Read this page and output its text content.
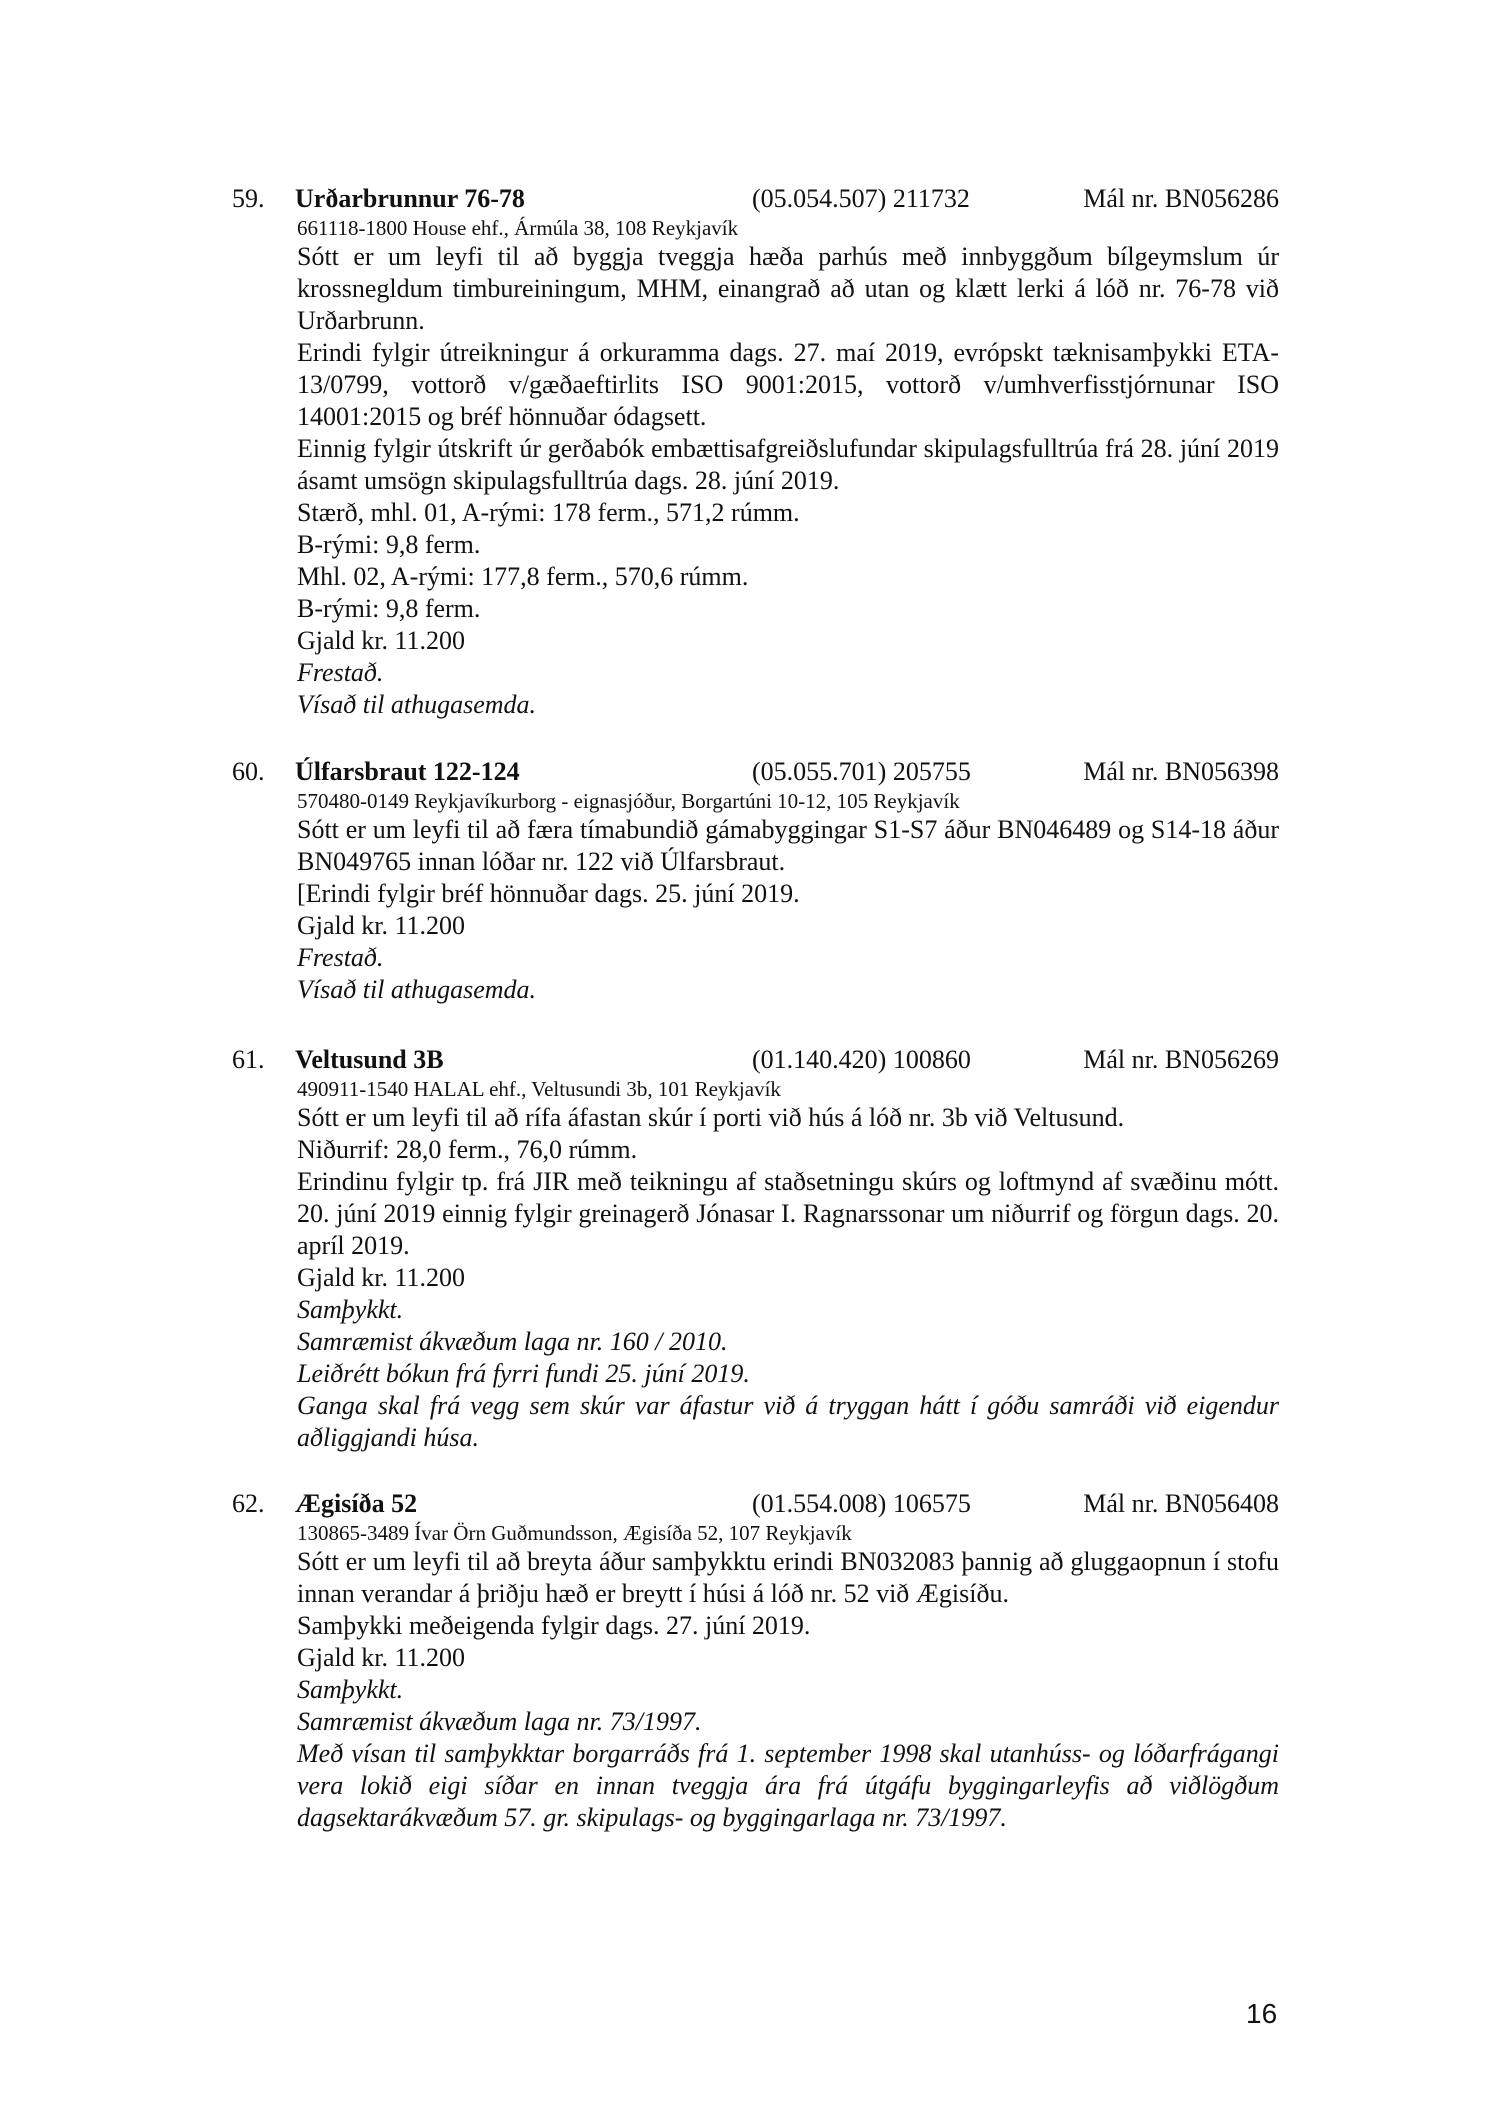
59. Urðarbrunnur 76-78	(05.054.507) 211732	Mál nr. BN056286
661118-1800 House ehf., Ármúla 38, 108 Reykjavík

Sótt er um leyfi til að byggja tveggja hæða parhús með innbyggðum bílgeymslum úr krossnegldum timbureiningum, MHM, einangrað að utan og klætt lerki á lóð nr. 76-78 við Urðarbrunn.

Erindi fylgir útreikningur á orkuramma dags. 27. maí 2019, evrópskt tæknisamþykki ETA-13/0799, vottorð v/gæðaeftirlits ISO 9001:2015, vottorð v/umhverfisstjórnunar ISO 14001:2015 og bréf hönnuðar ódagsett.

Einnig fylgir útskrift úr gerðabók embættisafgreiðslufundar skipulagsfulltrúa frá 28. júní 2019 ásamt umsögn skipulagsfulltrúa dags. 28. júní 2019.

Stærð, mhl. 01, A-rými: 178 ferm., 571,2 rúmm.

B-rými: 9,8 ferm.

Mhl. 02, A-rými: 177,8 ferm., 570,6 rúmm.

B-rými: 9,8 ferm.

Gjald kr. 11.200

Frestað.

Vísað til athugasemda.

60. Úlfarsbraut 122-124	(05.055.701) 205755	Mál nr. BN056398
570480-0149 Reykjavíkurborg - eignasjóður, Borgartúni 10-12, 105 Reykjavík

Sótt er um leyfi til að færa tímabundið gámabyggingar S1-S7 áður BN046489 og S14-18 áður BN049765 innan lóðar nr. 122 við Úlfarsbraut.

[Erindi fylgir bréf hönnuðar dags. 25. júní 2019.

Gjald kr. 11.200

Frestað.

Vísað til athugasemda.

61. Veltusund 3B	(01.140.420) 100860	Mál nr. BN056269
490911-1540 HALAL ehf., Veltusundi 3b, 101 Reykjavík

Sótt er um leyfi til að rífa áfastan skúr í porti við hús á lóð nr. 3b við Veltusund.

Niðurrif: 28,0 ferm., 76,0 rúmm.

Erindinu fylgir tp. frá JIR með teikningu af staðsetningu skúrs og loftmynd af svæðinu mótt. 20. júní 2019 einnig fylgir greinagerð Jónasar I. Ragnarssonar um niðurrif og förgun dags. 20. apríl 2019.

Gjald kr. 11.200

Samþykkt.

Samræmist ákvæðum laga nr. 160 / 2010.

Leiðrétt bókun frá fyrri fundi 25. júní 2019.

Ganga skal frá vegg sem skúr var áfastur við á tryggan hátt í góðu samráði við eigendur aðliggjandi húsa.

62. Ægisíða 52	(01.554.008) 106575	Mál nr. BN056408
130865-3489 Ívar Örn Guðmundsson, Ægisíða 52, 107 Reykjavík

Sótt er um leyfi til að breyta áður samþykktu erindi BN032083 þannig að gluggaopnun í stofu innan verandar á þriðju hæð er breytt í húsi á lóð nr. 52 við Ægisíðu.

Samþykki meðeigenda fylgir dags. 27. júní 2019.

Gjald kr. 11.200

Samþykkt.

Samræmist ákvæðum laga nr. 73/1997.

Með vísan til samþykktar borgarráðs frá 1. september 1998 skal utanhúss- og lóðarfrágangi vera lokið eigi síðar en innan tveggja ára frá útgáfu byggingarleyfis að viðlögðum dagsektarákvæðum 57. gr. skipulags- og byggingarlaga nr. 73/1997.

16
